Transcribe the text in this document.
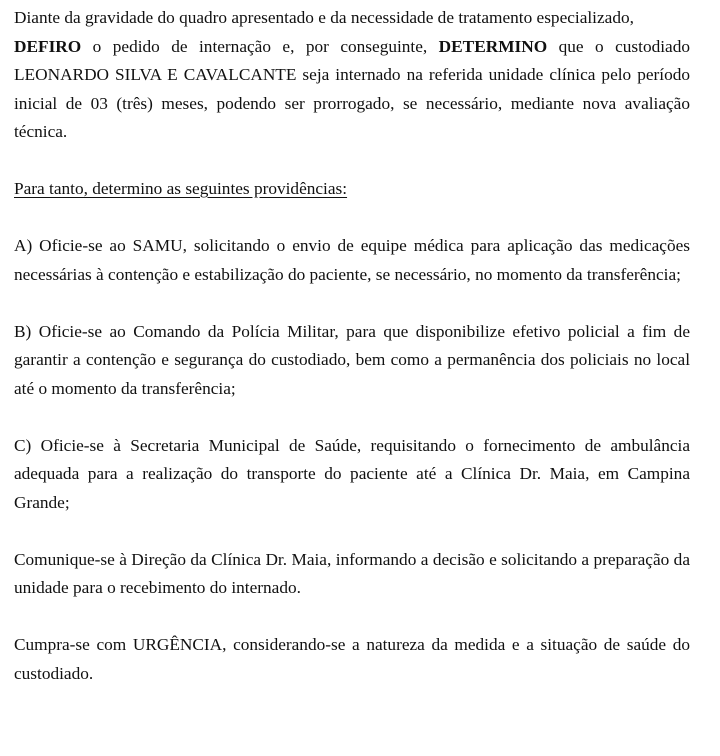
Diante da gravidade do quadro apresentado e da necessidade de tratamento especializado,
DEFIRO o pedido de internação e, por conseguinte, DETERMINO que o custodiado LEONARDO SILVA E CAVALCANTE seja internado na referida unidade clínica pelo período inicial de 03 (três) meses, podendo ser prorrogado, se necessário, mediante nova avaliação técnica.

Para tanto, determino as seguintes providências:

A) Oficie-se ao SAMU, solicitando o envio de equipe médica para aplicação das medicações necessárias à contenção e estabilização do paciente, se necessário, no momento da transferência;

B) Oficie-se ao Comando da Polícia Militar, para que disponibilize efetivo policial a fim de garantir a contenção e segurança do custodiado, bem como a permanência dos policiais no local até o momento da transferência;

C) Oficie-se à Secretaria Municipal de Saúde, requisitando o fornecimento de ambulância adequada para a realização do transporte do paciente até a Clínica Dr. Maia, em Campina Grande;

Comunique-se à Direção da Clínica Dr. Maia, informando a decisão e solicitando a preparação da unidade para o recebimento do internado.

Cumpra-se com URGÊNCIA, considerando-se a natureza da medida e a situação de saúde do custodiado.
